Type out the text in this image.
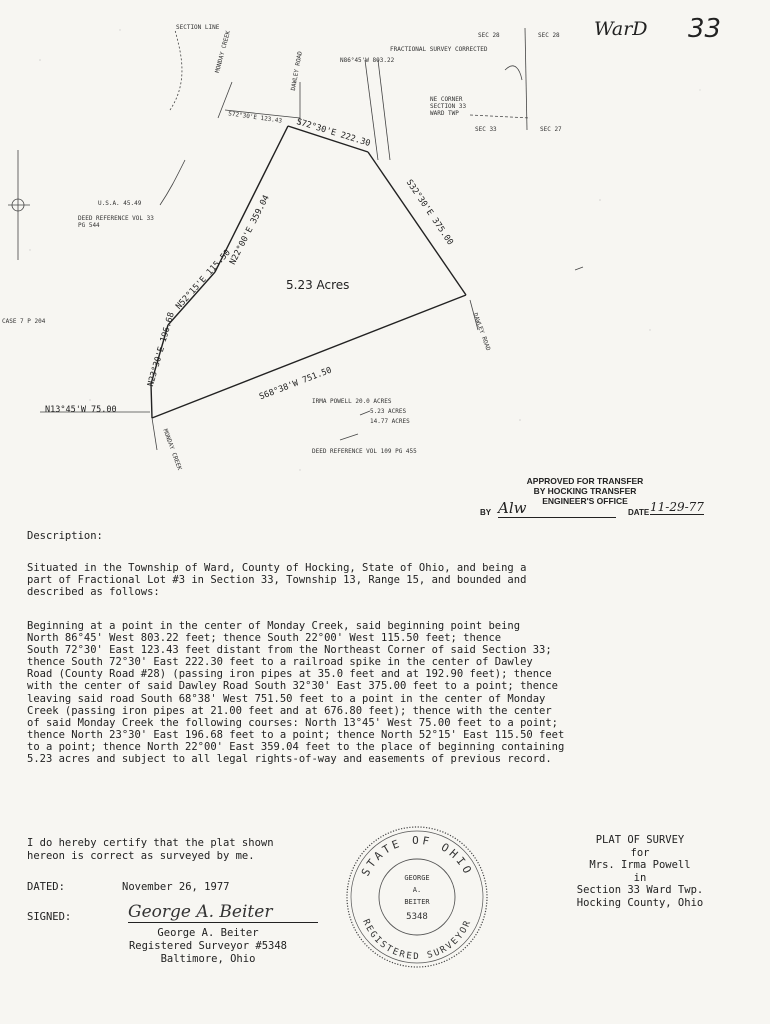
WarD 33
SEC 28	SEC 28
SEC 33	SEC 27
SECTION LINE
FRACTIONAL SURVEY CORRECTED
N86°45'W 803.22
NE CORNER SECTION 33 WARD TWP
MONDAY CREEK	DAWLEY ROAD
S72°30'E 123.43 S72°30'E 222.30
S32°30'E 375.00
S68°38'W 751.50
N22°00'E 359.04
N52°15'E 115.50
N23°30'E 196.68
N13°45'W 75.00
5.23 Acres
U.S.A. 45.49
DEED REFERENCE VOL 33 PG 544
CASE 7 P 204	DAWLEY ROAD
MONDAY CREEK
IRMA POWELL 20.0 ACRES
5.23 ACRES
14.77 ACRES
DEED REFERENCE VOL 109 PG 455
APPROVED FOR TRANSFER
BY HOCKING TRANSFER
ENGINEER'S OFFICE
BY Alw	DATE 11-29-77
Description:
Situated in the Township of Ward, County of Hocking, State of Ohio, and being a
part of Fractional Lot #3 in Section 33, Township 13, Range 15, and bounded and
described as follows:
Beginning at a point in the center of Monday Creek, said beginning point being
North 86°45' West 803.22 feet; thence South 22°00' West 115.50 feet; thence
South 72°30' East 123.43 feet distant from the Northeast Corner of said Section 33;
thence South 72°30' East 222.30 feet to a railroad spike in the center of Dawley
Road (County Road #28) (passing iron pipes at 35.0 feet and at 192.90 feet); thence
with the center of said Dawley Road South 32°30' East 375.00 feet to a point; thence
leaving said road South 68°38' West 751.50 feet to a point in the center of Monday
Creek (passing iron pipes at 21.00 feet and at 676.80 feet); thence with the center
of said Monday Creek the following courses: North 13°45' West 75.00 feet to a point;
thence North 23°30' East 196.68 feet to a point; thence North 52°15' East 115.50 feet
to a point; thence North 22°00' East 359.04 feet to the place of beginning containing
5.23 acres and subject to all legal rights-of-way and easements of previous record.
I do hereby certify that the plat shown
hereon is correct as surveyed by me.
DATED:	November 26, 1977
SIGNED:	George A. Beiter
George A. Beiter
Registered Surveyor #5348
Baltimore, Ohio
STATE OF OHIO
REGISTERED SURVEYOR
GEORGE
A.
BEITER
5348
PLAT OF SURVEY
for
Mrs. Irma Powell
in
Section 33 Ward Twp.
Hocking County, Ohio
